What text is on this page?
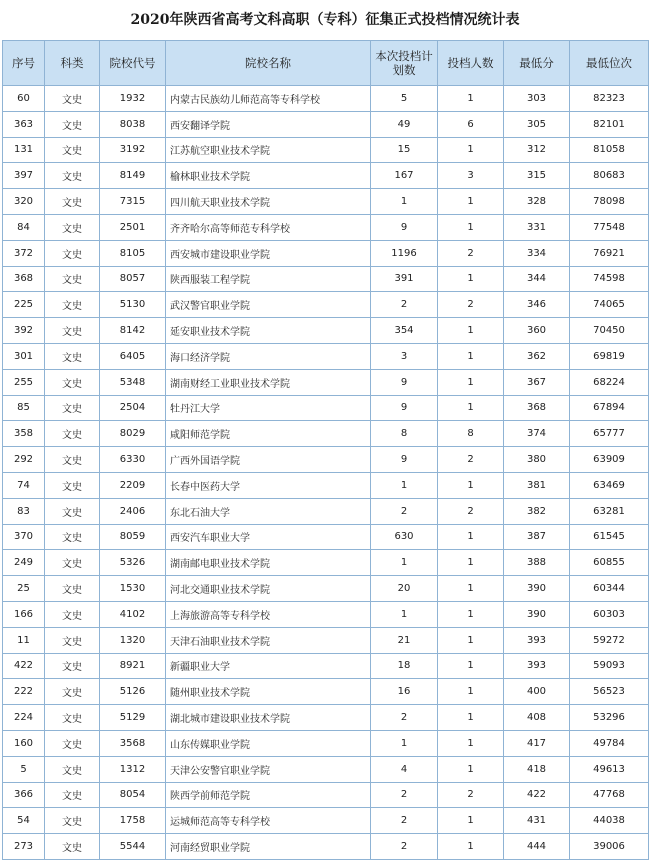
2020年陕西省高考文科高职（专科）征集正式投档情况统计表
序号	科类	院校代号	院校名称	本次投档计划数	投档人数	最低分	最低位次
60	文史	1932	内蒙古民族幼儿师范高等专科学校	5	1	303	82323
363	文史	8038	西安翻译学院	49	6	305	82101
131	文史	3192	江苏航空职业技术学院	15	1	312	81058
397	文史	8149	榆林职业技术学院	167	3	315	80683
320	文史	7315	四川航天职业技术学院	1	1	328	78098
84	文史	2501	齐齐哈尔高等师范专科学校	9	1	331	77548
372	文史	8105	西安城市建设职业学院	1196	2	334	76921
368	文史	8057	陕西服装工程学院	391	1	344	74598
225	文史	5130	武汉警官职业学院	2	2	346	74065
392	文史	8142	延安职业技术学院	354	1	360	70450
301	文史	6405	海口经济学院	3	1	362	69819
255	文史	5348	湖南财经工业职业技术学院	9	1	367	68224
85	文史	2504	牡丹江大学	9	1	368	67894
358	文史	8029	咸阳师范学院	8	8	374	65777
292	文史	6330	广西外国语学院	9	2	380	63909
74	文史	2209	长春中医药大学	1	1	381	63469
83	文史	2406	东北石油大学	2	2	382	63281
370	文史	8059	西安汽车职业大学	630	1	387	61545
249	文史	5326	湖南邮电职业技术学院	1	1	388	60855
25	文史	1530	河北交通职业技术学院	20	1	390	60344
166	文史	4102	上海旅游高等专科学校	1	1	390	60303
11	文史	1320	天津石油职业技术学院	21	1	393	59272
422	文史	8921	新疆职业大学	18	1	393	59093
222	文史	5126	随州职业技术学院	16	1	400	56523
224	文史	5129	湖北城市建设职业技术学院	2	1	408	53296
160	文史	3568	山东传媒职业学院	1	1	417	49784
5	文史	1312	天津公安警官职业学院	4	1	418	49613
366	文史	8054	陕西学前师范学院	2	2	422	47768
54	文史	1758	运城师范高等专科学校	2	1	431	44038
273	文史	5544	河南经贸职业学院	2	1	444	39006
